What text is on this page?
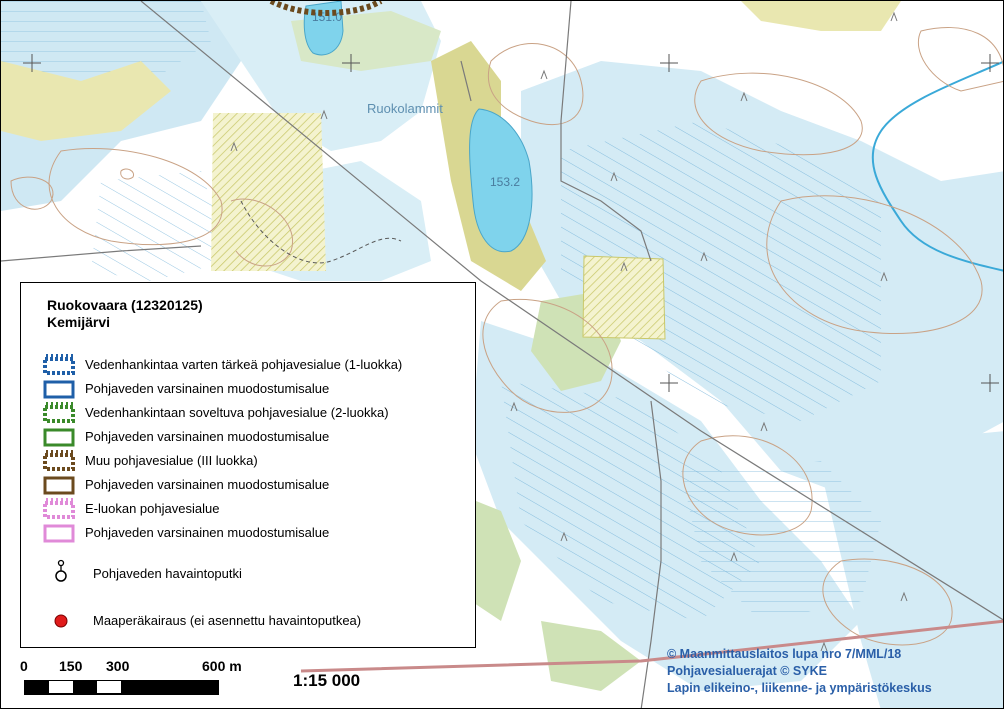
153.2
151.0
Ruokolammit
Ruokovaara (12320125)
Kemijärvi
Vedenhankintaa varten tärkeä pohjavesialue (1-luokka)
Pohjaveden varsinainen muodostumisalue
Vedenhankintaan soveltuva pohjavesialue (2-luokka)
Pohjaveden varsinainen muodostumisalue
Muu pohjavesialue (III luokka)
Pohjaveden varsinainen muodostumisalue
E-luokan pohjavesialue
Pohjaveden varsinainen muodostumisalue
Pohjaveden havaintoputki
Maaperäkairaus (ei asennettu havaintoputkea)
0 150 300	600 m
1:15 000
© Maanmittauslaitos lupa nro 7/MML/18
Pohjavesialuerajat © SYKE
Lapin elikeino-, liikenne- ja ympäristökeskus
